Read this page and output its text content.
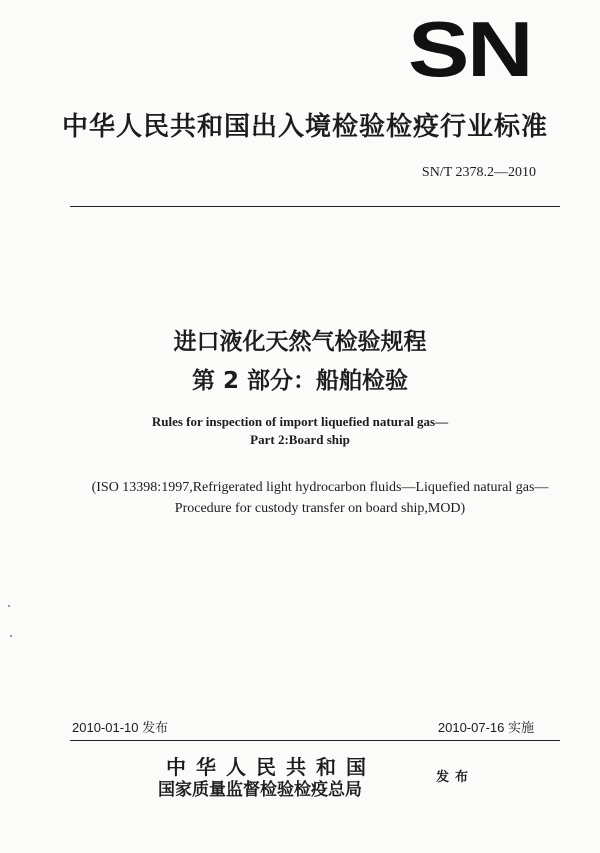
SN
中华人民共和国出入境检验检疫行业标准
SN/T 2378.2—2010
进口液化天然气检验规程
第 2 部分：船舶检验
Rules for inspection of import liquefied natural gas—
Part 2:Board ship
(ISO 13398:1997,Refrigerated light hydrocarbon fluids—Liquefied natural gas—Procedure for custody transfer on board ship,MOD)
2010-01-10 发布	2010-07-16 实施
中华人民共和国
国家质量监督检验检疫总局
发布
